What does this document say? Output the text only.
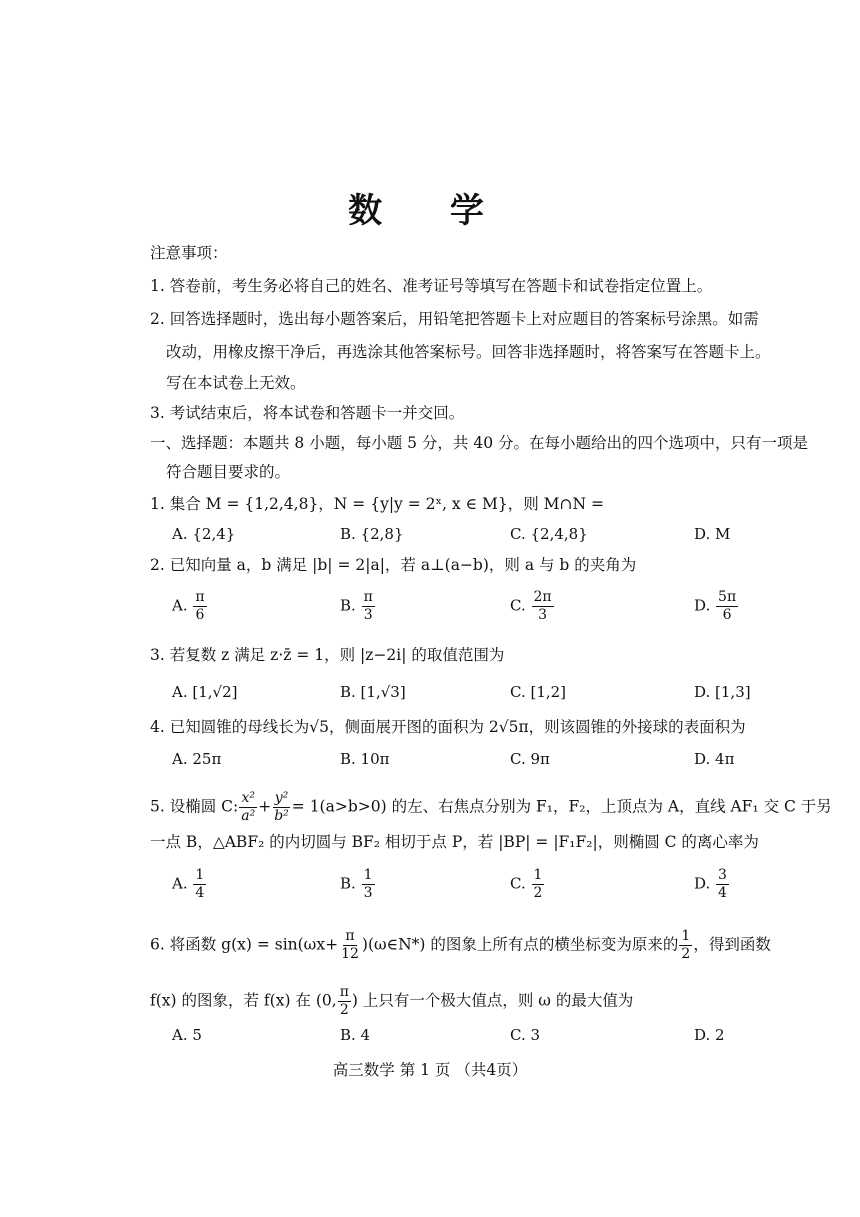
数 学
注意事项：
1. 答卷前，考生务必将自己的姓名、准考证号等填写在答题卡和试卷指定位置上。
2. 回答选择题时，选出每小题答案后，用铅笔把答题卡上对应题目的答案标号涂黑。如需
改动，用橡皮擦干净后，再选涂其他答案标号。回答非选择题时，将答案写在答题卡上。
写在本试卷上无效。
3. 考试结束后，将本试卷和答题卡一并交回。
一、选择题：本题共 8 小题，每小题 5 分，共 40 分。在每小题给出的四个选项中，只有一项是
符合题目要求的。
1. 集合 M = {1,2,4,8}，N = {y|y = 2ˣ, x ∈ M}，则 M∩N =
A. {2,4}	B. {2,8}	C. {2,4,8}	D. M
2. 已知向量 a，b 满足 |b| = 2|a|，若 a⊥(a−b)，则 a 与 b 的夹角为
A. $\frac{\pi}{6}$	B. $\frac{\pi}{3}$	C. $\frac{2\pi}{3}$	D. $\frac{5\pi}{6}$
3. 若复数 z 满足 z·z̄ = 1，则 |z−2i| 的取值范围为
A. [1,√2]	B. [1,√3]	C. [1,2]	D. [1,3]
4. 已知圆锥的母线长为√5，侧面展开图的面积为 2√5π，则该圆锥的外接球的表面积为
A. 25π	B. 10π	C. 9π	D. 4π
5. 设椭圆 C: $\frac{\text{x²}}{\text{a²}} + \frac{\text{y²}}{\text{b²}} = 1(a>b>0)$ 的左、右焦点分别为 F₁，F₂，上顶点为 A，直线 AF₁ 交 C 于另
一点 B，△ABF₂ 的内切圆与 BF₂ 相切于点 P，若 |BP| = |F₁F₂|，则椭圆 C 的离心率为
A. $\frac{1}{4}$	B. $\frac{1}{3}$	C. $\frac{1}{2}$	D. $\frac{3}{4}$
6. 将函数 $g(x) = \sin(\omega x+ \frac{\pi}{12}$ )(ω∈N*) 的图象上所有点的横坐标变为原来的 $\frac{1}{2}$ ，得到函数
f(x) 的图象，若 f(x) 在 (0, $\frac{\pi}{2}$ ) 上只有一个极大值点，则 ω 的最大值为
A. 5	B. 4	C. 3	D. 2
高三数学 第 1 页 （共4页）
